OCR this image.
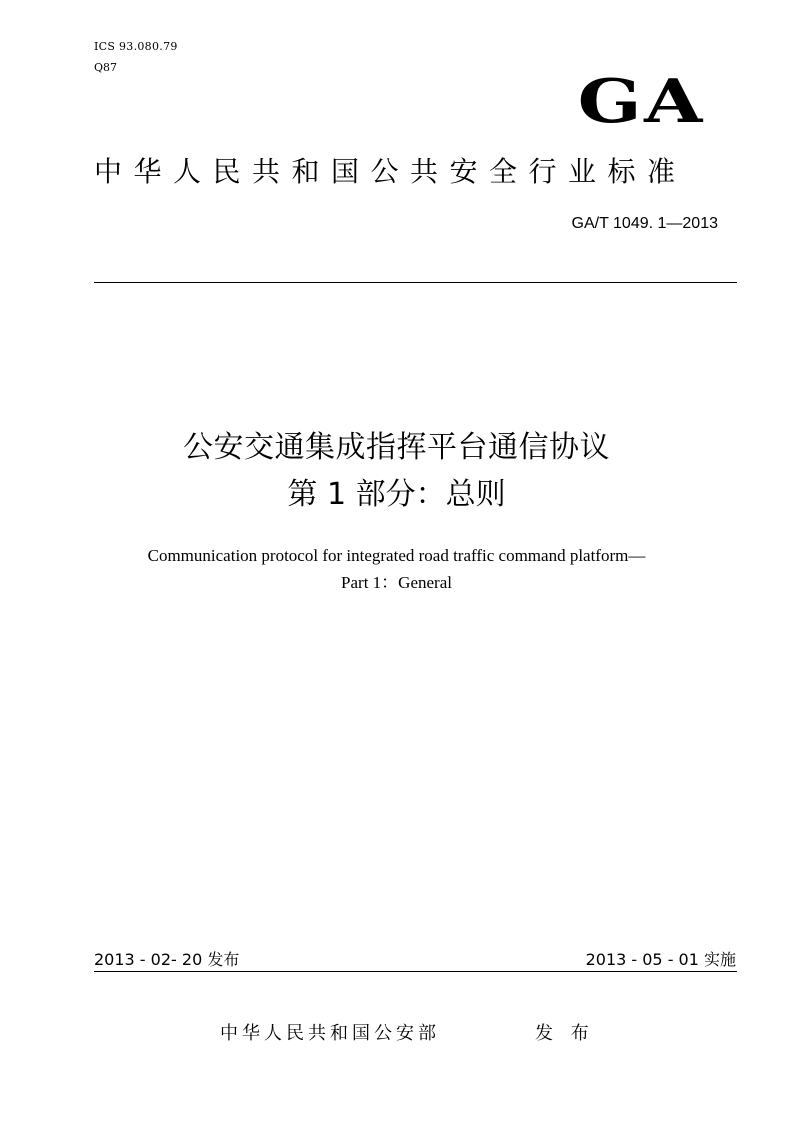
ICS 93.080.79
Q87	GA
中华人民共和国公共安全行业标准
GA/T 1049. 1—2013
公安交通集成指挥平台通信协议
第 1 部分：总则
Communication protocol for integrated road traffic command platform—
Part 1：General
2013 - 02- 20 发布	2013 - 05 - 01 实施
中华人民共和国公安部	发 布
